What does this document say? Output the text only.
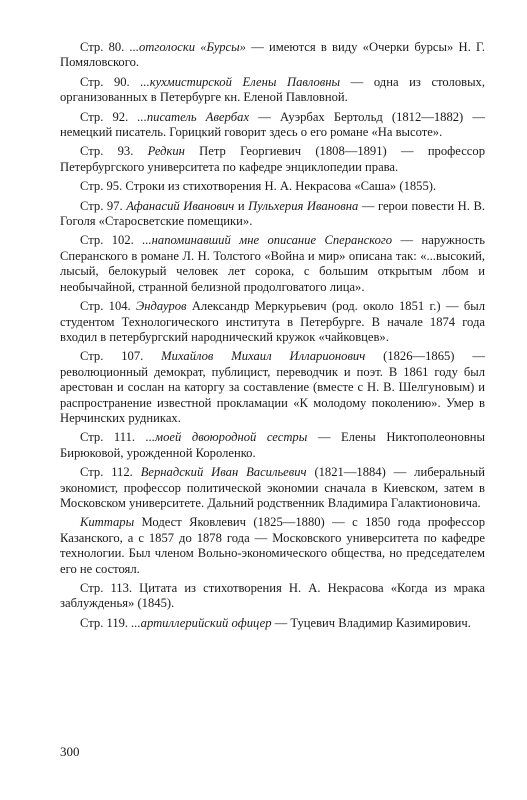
Стр. 80. ...отголоски «Бурсы» — имеются в виду «Очерки бурсы» Н. Г. Помяловского.

Стр. 90. ...кухмистирской Елены Павловны — одна из столовых, организованных в Петербурге кн. Еленой Павловной.

Стр. 92. ...писатель Авербах — Ауэрбах Бертольд (1812—1882) — немецкий писатель. Горицкий говорит здесь о его романе «На высоте».

Стр. 93. Редкин Петр Георгиевич (1808—1891) — профессор Петербургского университета по кафедре энциклопедии права.

Стр. 95. Строки из стихотворения Н. А. Некрасова «Саша» (1855).

Стр. 97. Афанасий Иванович и Пульхерия Ивановна — герои повести Н. В. Гоголя «Старосветские помещики».

Стр. 102. ...напоминавший мне описание Сперанского — наружность Сперанского в романе Л. Н. Толстого «Война и мир» описана так: «...высокий, лысый, белокурый человек лет сорока, с большим открытым лбом и необычайной, странной белизной продолговатого лица».

Стр. 104. Эндауров Александр Меркурьевич (род. около 1851 г.) — был студентом Технологического института в Петербурге. В начале 1874 года входил в петербургский народнический кружок «чайковцев».

Стр. 107. Михайлов Михаил Илларионович (1826—1865) — революционный демократ, публицист, переводчик и поэт. В 1861 году был арестован и сослан на каторгу за составление (вместе с Н. В. Шелгуновым) и распространение известной прокламации «К молодому поколению». Умер в Нерчинских рудниках.

Стр. 111. ...моей двоюродной сестры — Елены Никтополеоновны Бирюковой, урожденной Короленко.

Стр. 112. Вернадский Иван Васильевич (1821—1884) — либеральный экономист, профессор политической экономии сначала в Киевском, затем в Московском университете. Дальний родственник Владимира Галактионовича.

Киттары Модест Яковлевич (1825—1880) — с 1850 года профессор Казанского, а с 1857 до 1878 года — Московского университета по кафедре технологии. Был членом Вольно-экономического общества, но председателем его не состоял.

Стр. 113. Цитата из стихотворения Н. А. Некрасова «Когда из мрака заблужденья» (1845).

Стр. 119. ...артиллерийский офицер — Туцевич Владимир Казимирович.

300
